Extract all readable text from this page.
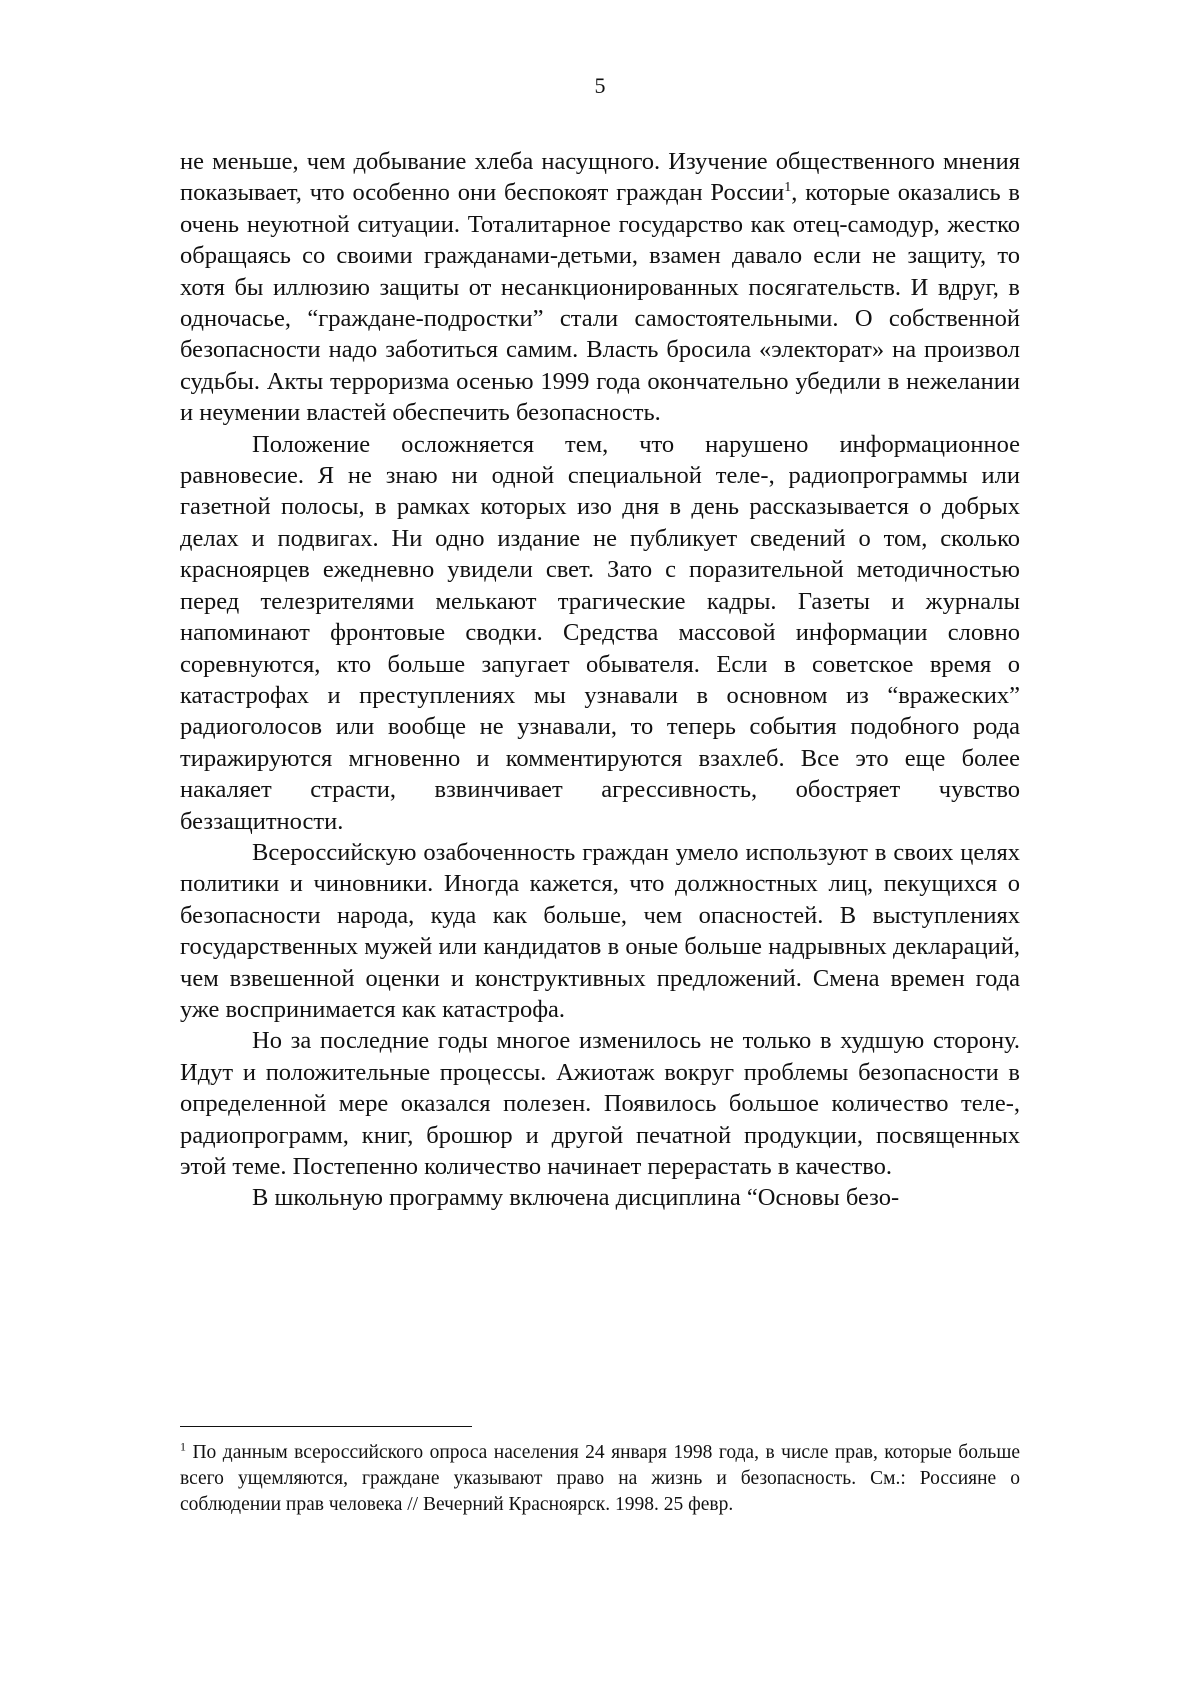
5

не меньше, чем добывание хлеба насущного. Изучение общественного мнения показывает, что особенно они беспокоят граждан России$^1$, которые оказались в очень неуютной ситуации. Тоталитарное государство как отец-самодур, жестко обращаясь со своими гражданами-детьми, взамен давало если не защиту, то хотя бы иллюзию защиты от несанкционированных посягательств. И вдруг, в одночасье, “граждане-подростки” стали самостоятельными. О собственной безопасности надо заботиться самим. Власть бросила «электорат» на произвол судьбы. Акты терроризма осенью 1999 года окончательно убедили в нежелании и неумении властей обеспечить безопасность.

Положение осложняется тем, что нарушено информационное равновесие. Я не знаю ни одной специальной теле-, радиопрограммы или газетной полосы, в рамках которых изо дня в день рассказывается о добрых делах и подвигах. Ни одно издание не публикует сведений о том, сколько красноярцев ежедневно увидели свет. Зато с поразительной методичностью перед телезрителями мелькают трагические кадры. Газеты и журналы напоминают фронтовые сводки. Средства массовой информации словно соревнуются, кто больше запугает обывателя. Если в советское время о катастрофах и преступлениях мы узнавали в основном из “вражеских” радиоголосов или вообще не узнавали, то теперь события подобного рода тиражируются мгновенно и комментируются взахлеб. Все это еще более накаляет страсти, взвинчивает агрессивность, обостряет чувство беззащитности.

Всероссийскую озабоченность граждан умело используют в своих целях политики и чиновники. Иногда кажется, что должностных лиц, пекущихся о безопасности народа, куда как больше, чем опасностей. В выступлениях государственных мужей или кандидатов в оные больше надрывных деклараций, чем взвешенной оценки и конструктивных предложений. Смена времен года уже воспринимается как катастрофа.

Но за последние годы многое изменилось не только в худшую сторону. Идут и положительные процессы. Ажиотаж вокруг проблемы безопасности в определенной мере оказался полезен. Появилось большое количество теле-, радиопрограмм, книг, брошюр и другой печатной продукции, посвященных этой теме. Постепенно количество начинает перерастать в качество.

В школьную программу включена дисциплина “Основы безо-

$^1$ По данным всероссийского опроса населения 24 января 1998 года, в числе прав, которые больше всего ущемляются, граждане указывают право на жизнь и безопасность. См.: Россияне о соблюдении прав человека // Вечерний Красноярск. 1998. 25 февр.
